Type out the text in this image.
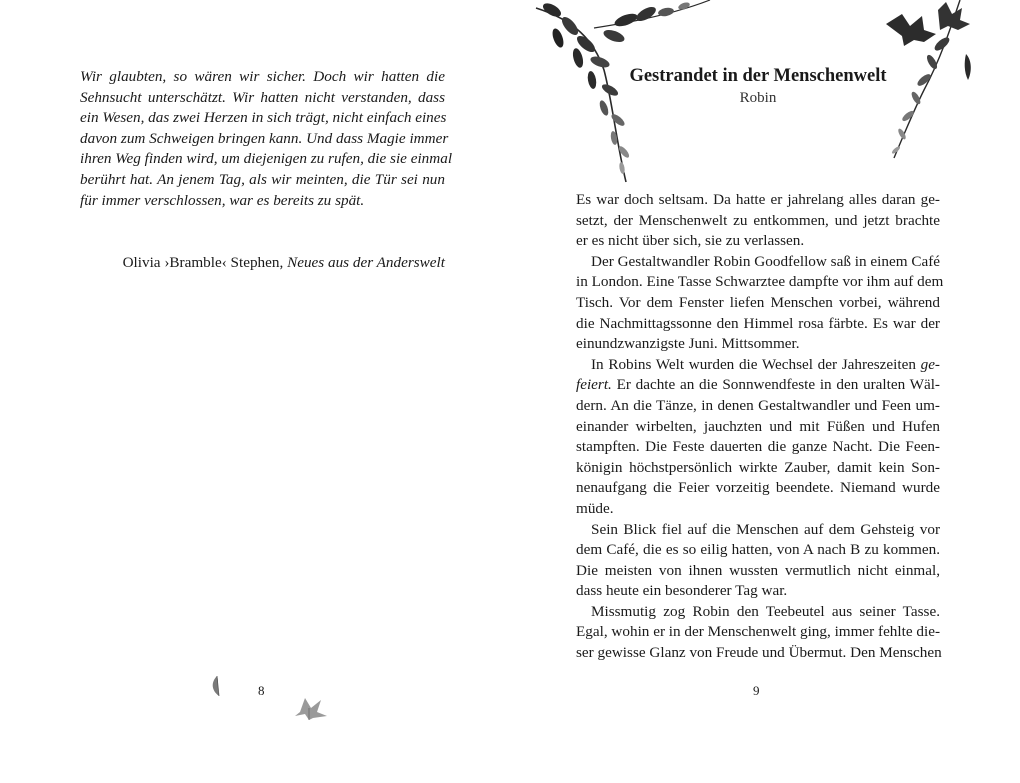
Wir glaubten, so wären wir sicher. Doch wir hatten die
Sehnsucht unterschätzt. Wir hatten nicht verstanden, dass
ein Wesen, das zwei Herzen in sich trägt, nicht einfach eines
davon zum Schweigen bringen kann. Und dass Magie immer
ihren Weg finden wird, um diejenigen zu rufen, die sie einmal
berührt hat. An jenem Tag, als wir meinten, die Tür sei nun
für immer verschlossen, war es bereits zu spät.

Olivia ›Bramble‹ Stephen, Neues aus der Anderswelt

8
Gestrandet in der Menschenwelt

Robin

Es war doch seltsam. Da hatte er jahrelang alles daran ge-
setzt, der Menschenwelt zu entkommen, und jetzt brachte
er es nicht über sich, sie zu verlassen.
Der Gestaltwandler Robin Goodfellow saß in einem Café
in London. Eine Tasse Schwarztee dampfte vor ihm auf dem
Tisch. Vor dem Fenster liefen Menschen vorbei, während
die Nachmittagssonne den Himmel rosa färbte. Es war der
einundzwanzigste Juni. Mittsommer.
In Robins Welt wurden die Wechsel der Jahreszeiten ge-
feiert. Er dachte an die Sonnwendfeste in den uralten Wäl-
dern. An die Tänze, in denen Gestaltwandler und Feen um-
einander wirbelten, jauchzten und mit Füßen und Hufen
stampften. Die Feste dauerten die ganze Nacht. Die Feen-
königin höchstpersönlich wirkte Zauber, damit kein Son-
nenaufgang die Feier vorzeitig beendete. Niemand wurde
müde.
Sein Blick fiel auf die Menschen auf dem Gehsteig vor
dem Café, die es so eilig hatten, von A nach B zu kommen.
Die meisten von ihnen wussten vermutlich nicht einmal,
dass heute ein besonderer Tag war.
Missmutig zog Robin den Teebeutel aus seiner Tasse.
Egal, wohin er in der Menschenwelt ging, immer fehlte die-
ser gewisse Glanz von Freude und Übermut. Den Menschen
9
